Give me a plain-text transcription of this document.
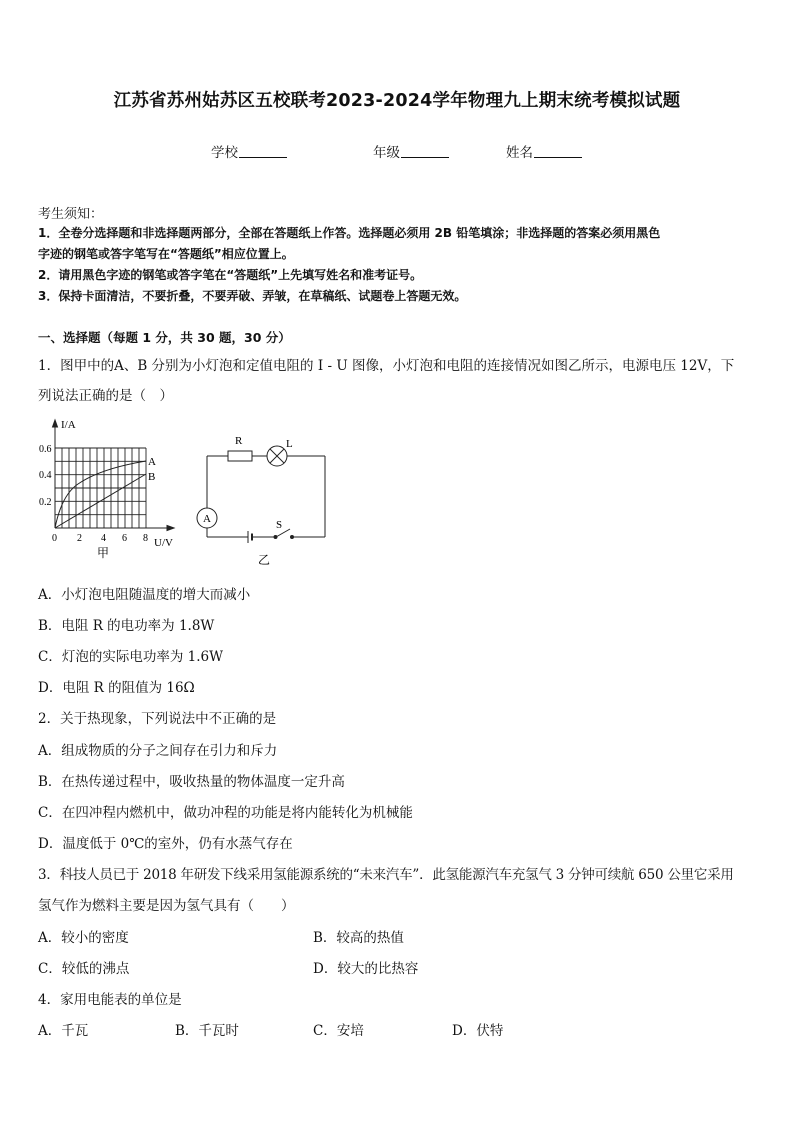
江苏省苏州姑苏区五校联考2023-2024学年物理九上期末统考模拟试题
学校	年级	姓名
考生须知：
1．全卷分选择题和非选择题两部分，全部在答题纸上作答。选择题必须用 2B 铅笔填涂；非选择题的答案必须用黑色
字迹的钢笔或答字笔写在“答题纸”相应位置上。
2．请用黑色字迹的钢笔或答字笔在“答题纸”上先填写姓名和准考证号。
3．保持卡面清洁，不要折叠，不要弄破、弄皱，在草稿纸、试题卷上答题无效。
一、选择题（每题 1 分，共 30 题，30 分）
1．图甲中的A、B 分别为小灯泡和定值电阻的 I - U 图像，小灯泡和电阻的连接情况如图乙所示，电源电压 12V，下
列说法正确的是（　）
A
B
I/A
0.6
0.4
0.2
0 2 4 6 8 U/V
甲
R	L
A	S
乙
A．小灯泡电阻随温度的增大而减小
B．电阻 R 的电功率为 1.8W
C．灯泡的实际电功率为 1.6W
D．电阻 R 的阻值为 16Ω
2．关于热现象，下列说法中不正确的是
A．组成物质的分子之间存在引力和斥力
B．在热传递过程中，吸收热量的物体温度一定升高
C．在四冲程内燃机中，做功冲程的功能是将内能转化为机械能
D．温度低于 0℃的室外，仍有水蒸气存在
3．科技人员已于 2018 年研发下线采用氢能源系统的“未来汽车”．此氢能源汽车充氢气 3 分钟可续航 650 公里它采用
氢气作为燃料主要是因为氢气具有（　　）
A．较小的密度	B．较高的热值
C．较低的沸点	D．较大的比热容
4．家用电能表的单位是
A．千瓦	B．千瓦时	C．安培	D．伏特
